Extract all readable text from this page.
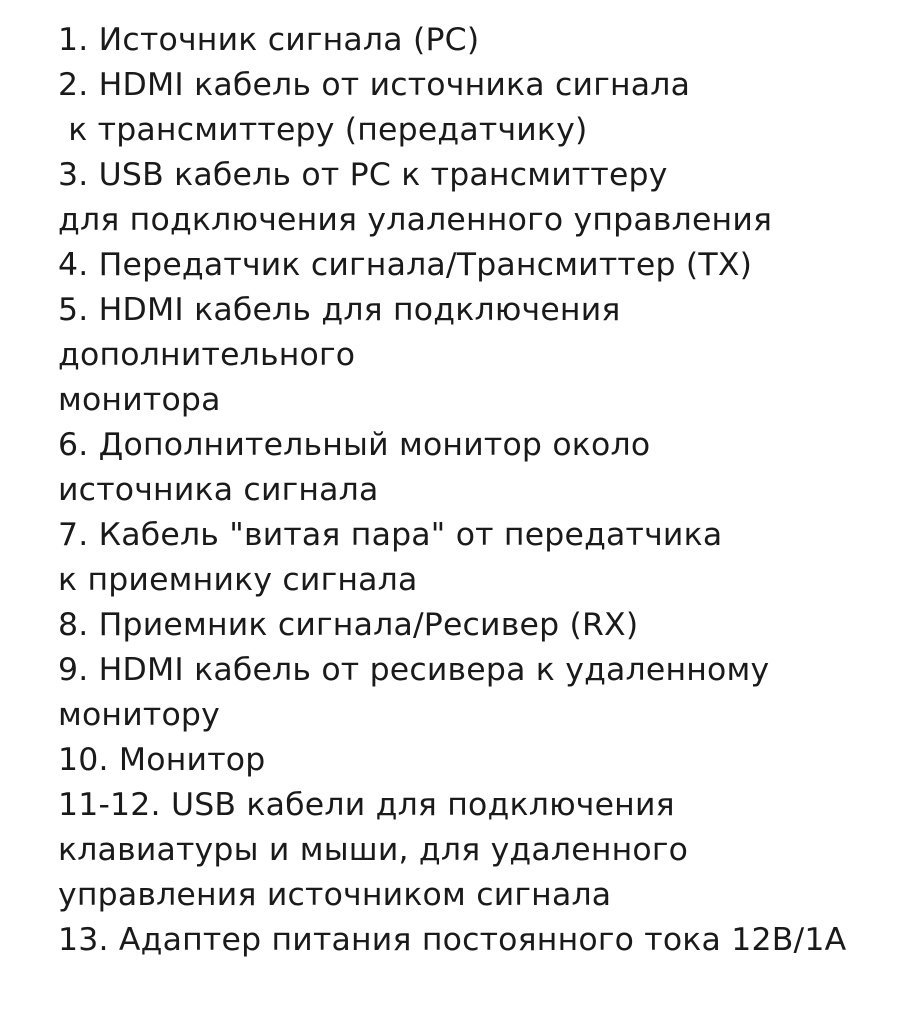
1. Источник сигнала (PC)
2. HDMI кабель от источника сигнала
к трансмиттеру (передатчику)
3. USB кабель от PC к трансмиттеру
для подключения улаленного управления
4. Передатчик сигнала/Трансмиттер (TX)
5. HDMI кабель для подключения
дополнительного
монитора
6. Дополнительный монитор около
источника сигнала
7. Кабель "витая пара" от передатчика
к приемнику сигнала
8. Приемник сигнала/Ресивер (RX)
9. HDMI кабель от ресивера к удаленному
монитору
10. Монитор
11-12. USB кабели для подключения
клавиатуры и мыши, для удаленного
управления источником сигнала
13. Адаптер питания постоянного тока 12В/1А
